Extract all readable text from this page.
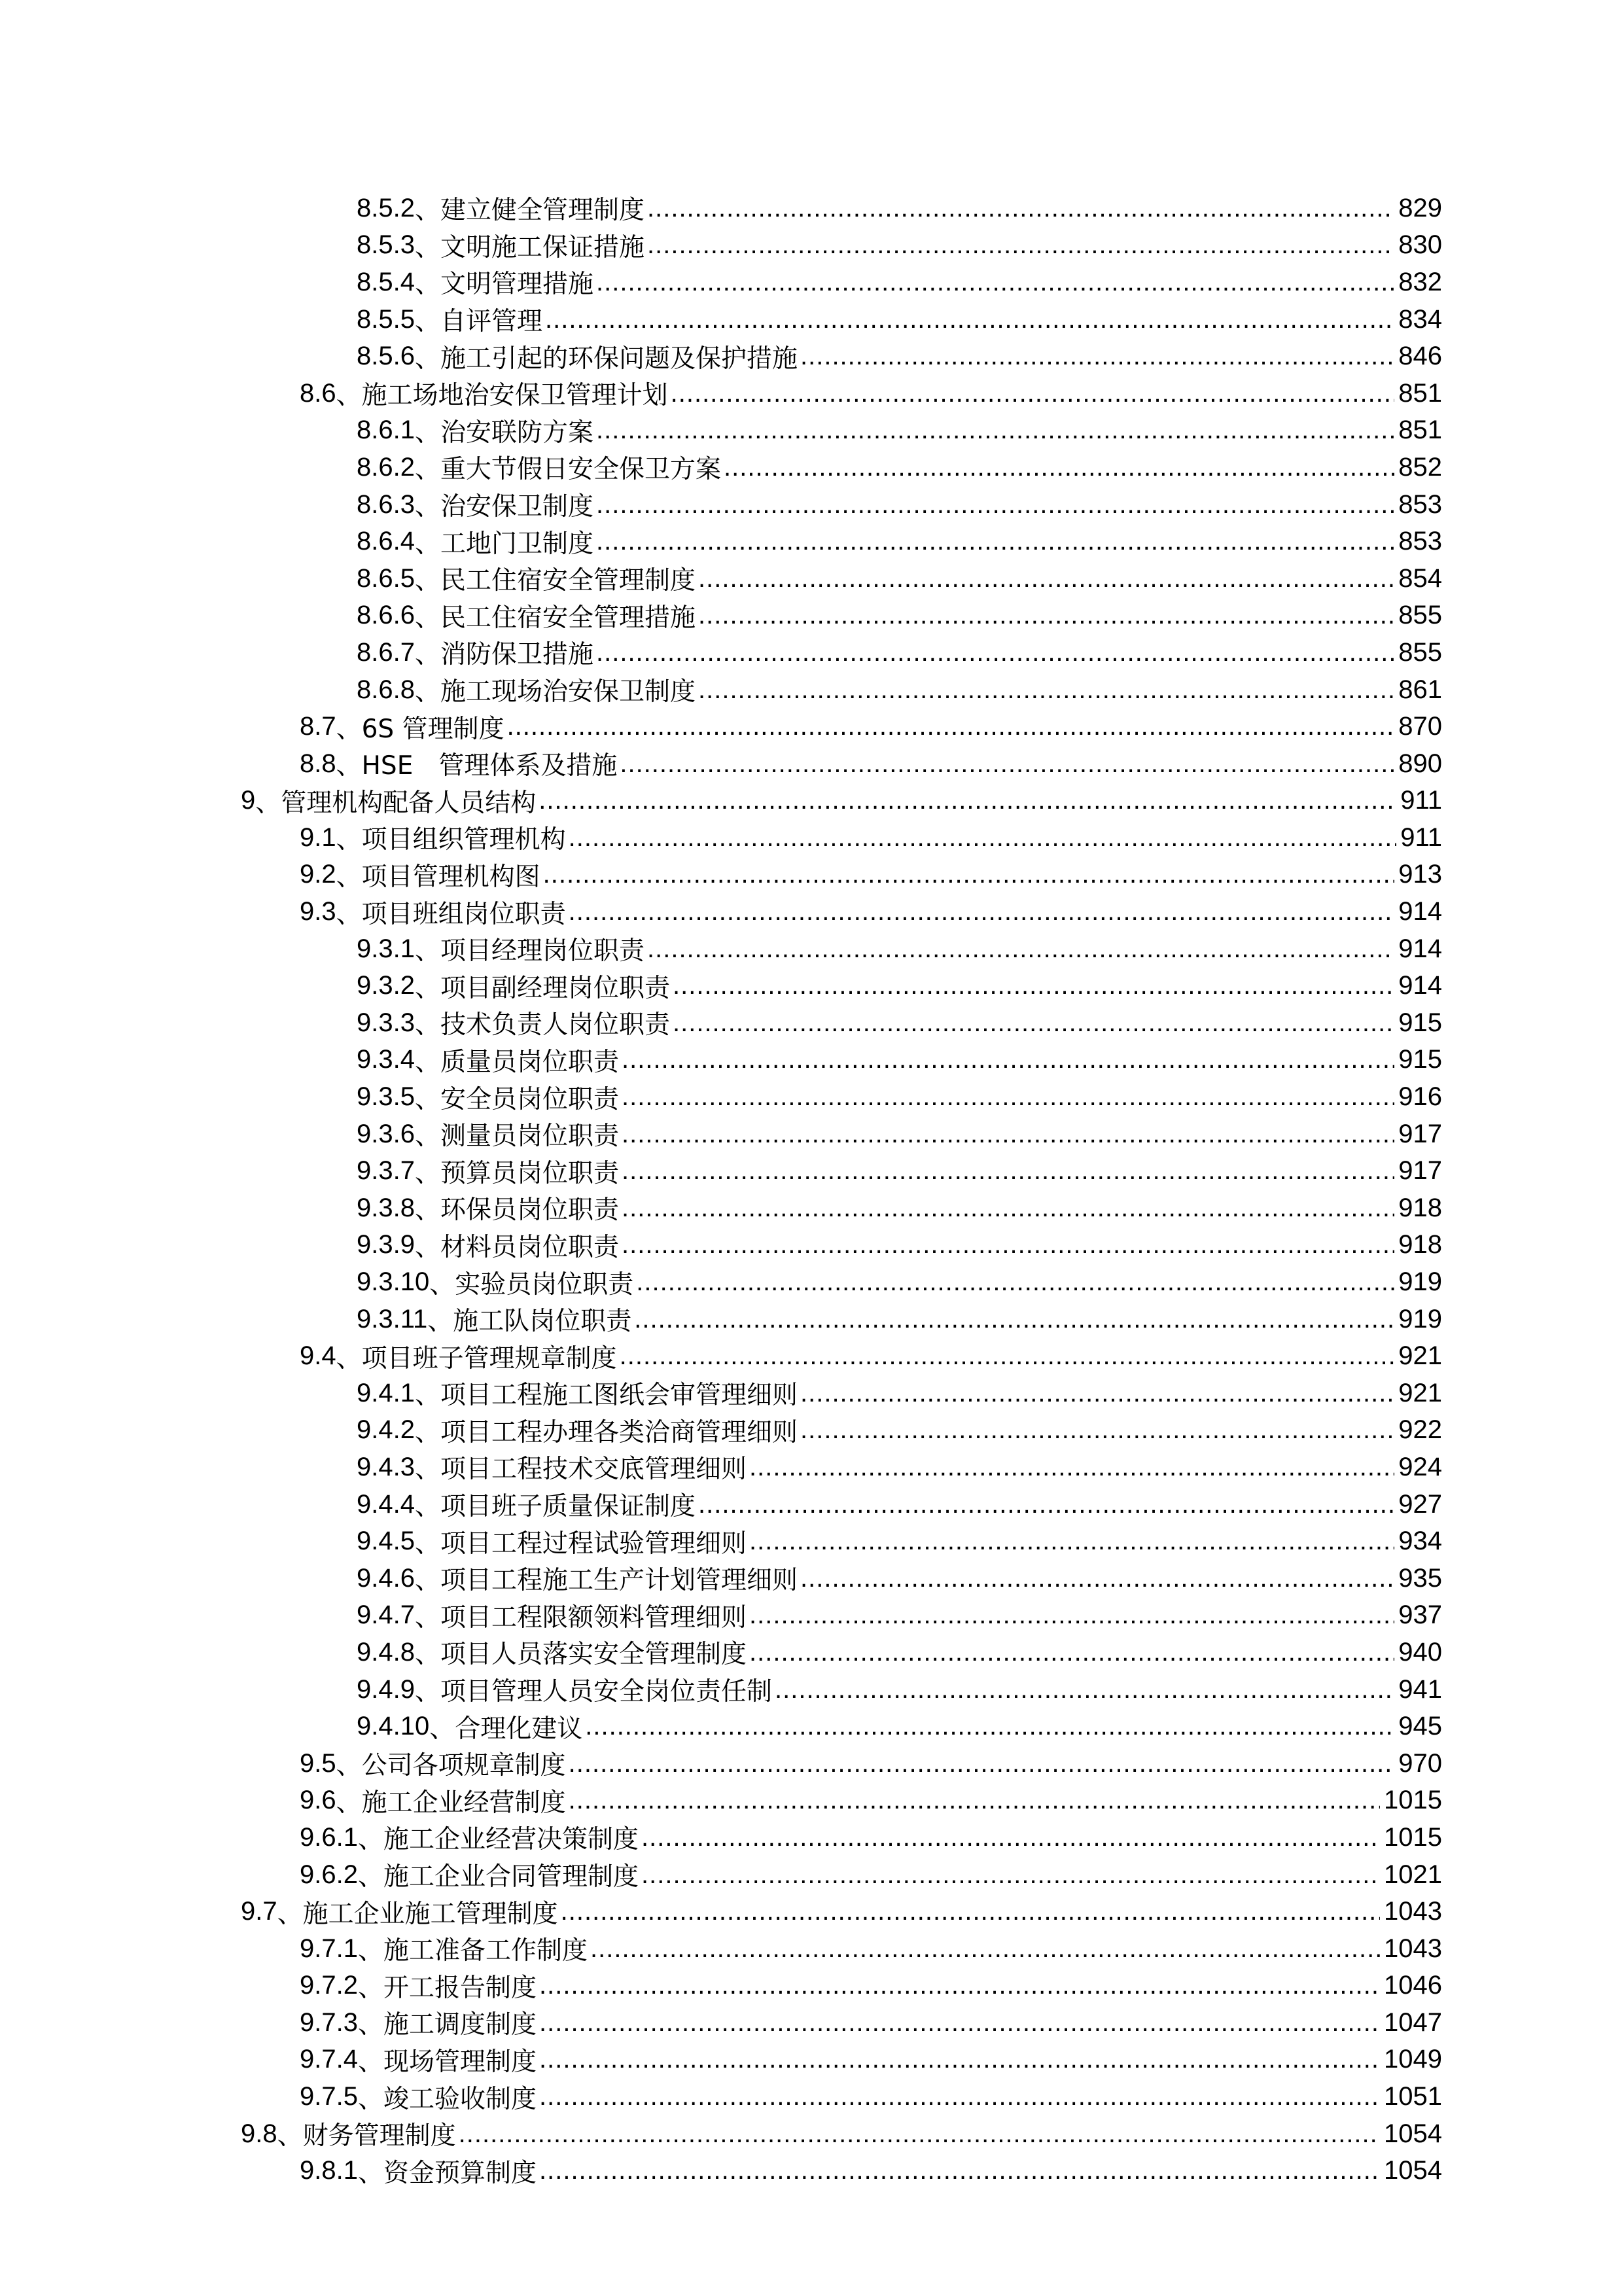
8.5.2 、建立健全管理制度 .....	829
8.5.3 、文明施工保证措施 .....	830
8.5.4 、文明管理措施 .....	832
8.5.5 、自评管理 .....	834
8.5.6 、施工引起的环保问题及保护措施 .....	846
8.6 、施工场地治安保卫管理计划 .....	851
8.6.1 、治安联防方案 .....	851
8.6.2 、重大节假日安全保卫方案 .....	852
8.6.3 、治安保卫制度 .....	853
8.6.4 、工地门卫制度 .....	853
8.6.5 、民工住宿安全管理制度 .....	854
8.6.6 、民工住宿安全管理措施 .....	855
8.6.7 、消防保卫措施 .....	855
8.6.8 、施工现场治安保卫制度 .....	861
8.7 、6S 管理制度 .....	870
8.8 、HSE　管理体系及措施 .....	890
9 、管理机构配备人员结构 .....	911
9.1 、项目组织管理机构 .....	911
9.2 、项目管理机构图 .....	913
9.3 、项目班组岗位职责 .....	914
9.3.1 、项目经理岗位职责 .....	914
9.3.2 、项目副经理岗位职责 .....	914
9.3.3 、技术负责人岗位职责 .....	915
9.3.4 、质量员岗位职责 .....	915
9.3.5 、安全员岗位职责 .....	916
9.3.6 、测量员岗位职责 .....	917
9.3.7 、预算员岗位职责 .....	917
9.3.8 、环保员岗位职责 .....	918
9.3.9 、材料员岗位职责 .....	918
9.3.10 、实验员岗位职责 .....	919
9.3.11 、施工队岗位职责 .....	919
9.4 、项目班子管理规章制度 .....	921
9.4.1 、项目工程施工图纸会审管理细则 .....	921
9.4.2 、项目工程办理各类洽商管理细则 .....	922
9.4.3 、项目工程技术交底管理细则 .....	924
9.4.4 、项目班子质量保证制度 .....	927
9.4.5 、项目工程过程试验管理细则 .....	934
9.4.6 、项目工程施工生产计划管理细则 .....	935
9.4.7 、项目工程限额领料管理细则 .....	937
9.4.8 、项目人员落实安全管理制度 .....	940
9.4.9 、项目管理人员安全岗位责任制 .....	941
9.4.10 、合理化建议 .....	945
9.5 、公司各项规章制度 .....	970
9.6 、施工企业经营制度 .....	1015
9.6.1 、施工企业经营决策制度 .....	1015
9.6.2 、施工企业合同管理制度 .....	1021
9.7 、施工企业施工管理制度 .....	1043
9.7.1 、施工准备工作制度 .....	1043
9.7.2 、开工报告制度 .....	1046
9.7.3 、施工调度制度 .....	1047
9.7.4 、现场管理制度 .....	1049
9.7.5 、竣工验收制度 .....	1051
9.8 、财务管理制度 .....	1054
9.8.1 、资金预算制度 .....	1054
